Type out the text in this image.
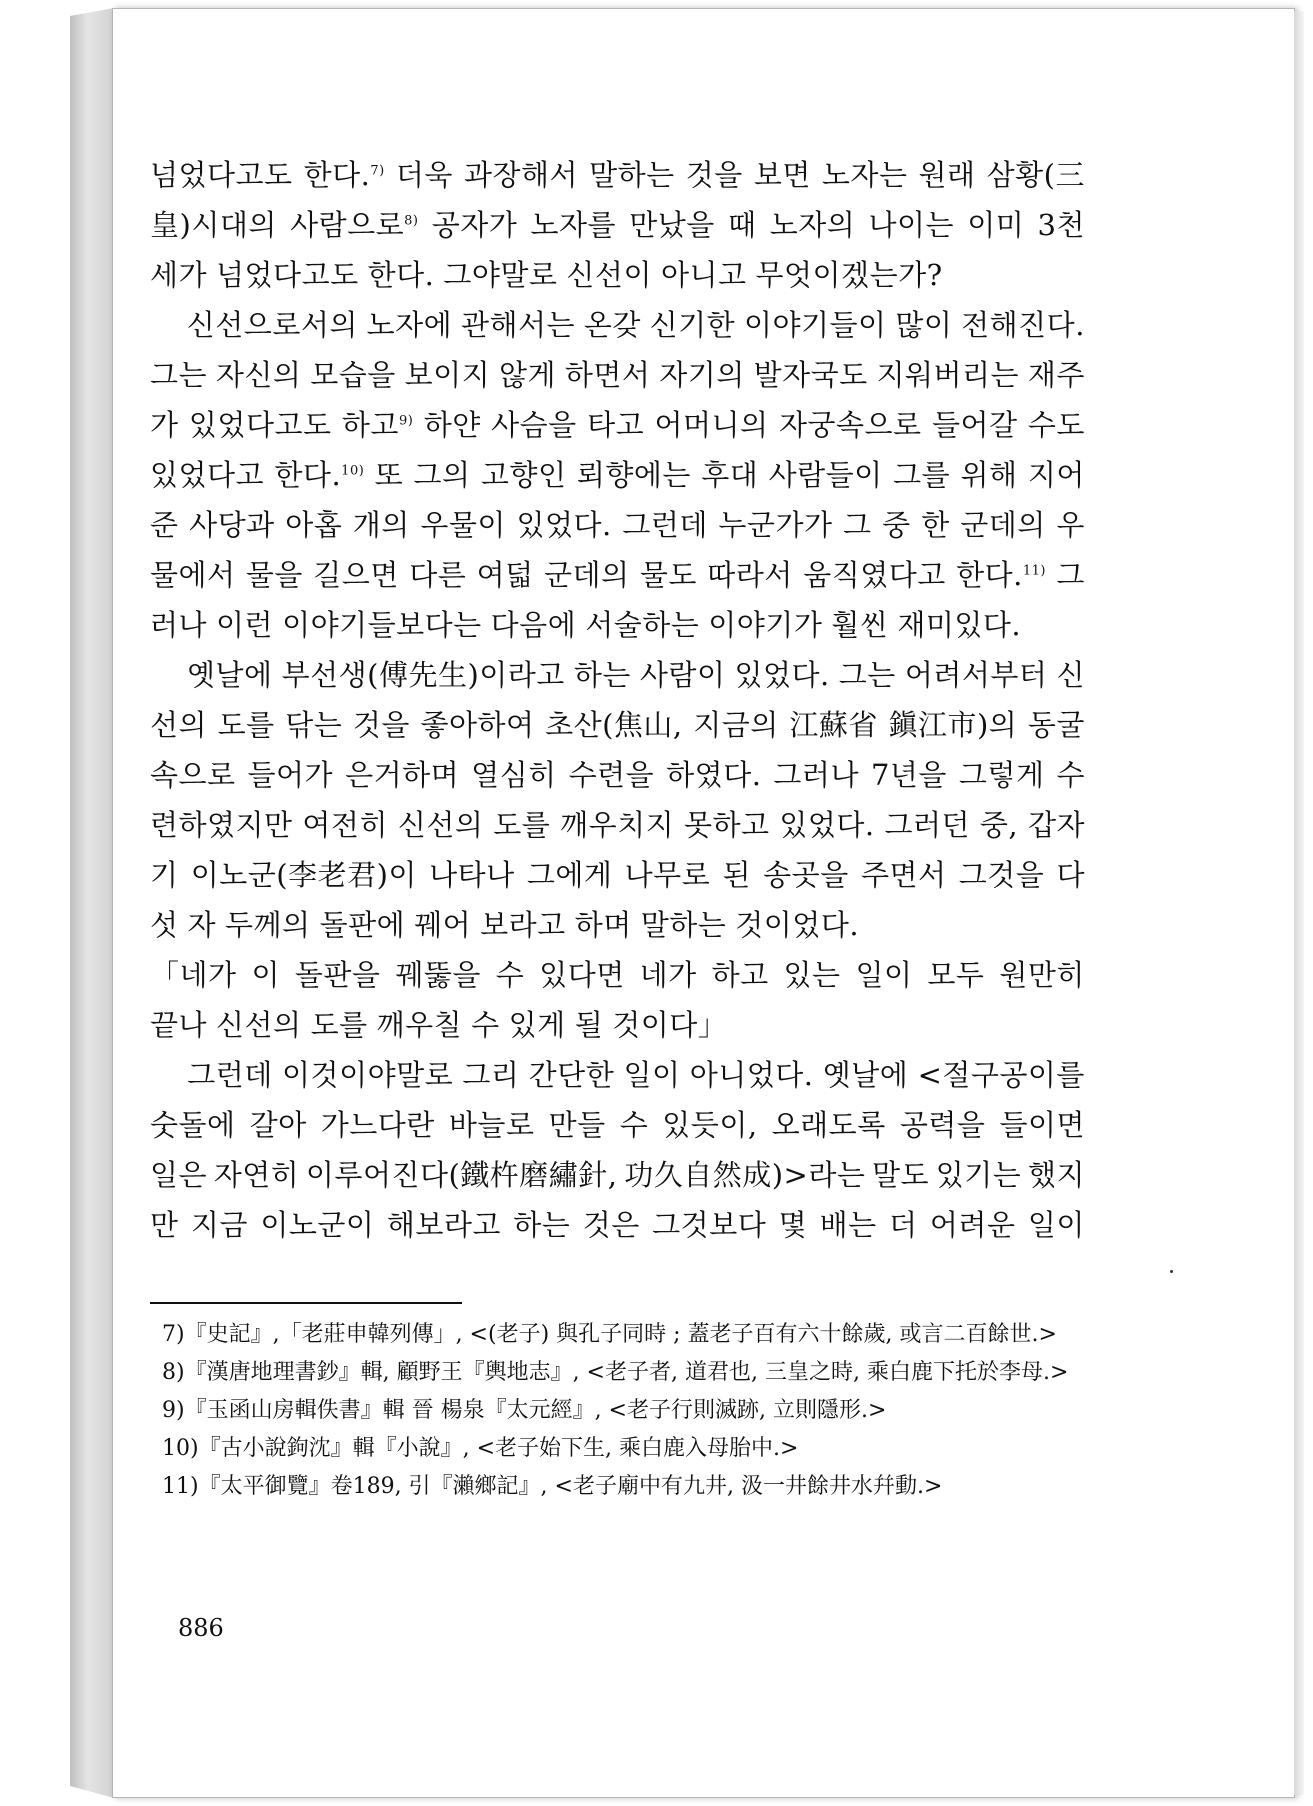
넘었다고도 한다.$^{7)}$ 더욱 과장해서 말하는 것을 보면 노자는 원래 삼황(三
皇)시대의 사람으로$^{8)}$ 공자가 노자를 만났을 때 노자의 나이는 이미 3천
세가 넘었다고도 한다. 그야말로 신선이 아니고 무엇이겠는가?
신선으로서의 노자에 관해서는 온갖 신기한 이야기들이 많이 전해진다.
그는 자신의 모습을 보이지 않게 하면서 자기의 발자국도 지워버리는 재주
가 있었다고도 하고$^{9)}$ 하얀 사슴을 타고 어머니의 자궁속으로 들어갈 수도
있었다고 한다.$^{10)}$ 또 그의 고향인 뢰향에는 후대 사람들이 그를 위해 지어
준 사당과 아홉 개의 우물이 있었다. 그런데 누군가가 그 중 한 군데의 우
물에서 물을 길으면 다른 여덟 군데의 물도 따라서 움직였다고 한다.$^{11)}$ 그
러나 이런 이야기들보다는 다음에 서술하는 이야기가 훨씬 재미있다.
옛날에 부선생(傅先生)이라고 하는 사람이 있었다. 그는 어려서부터 신
선의 도를 닦는 것을 좋아하여 초산(焦山, 지금의 江蘇省 鎭江市)의 동굴
속으로 들어가 은거하며 열심히 수련을 하였다. 그러나 7년을 그렇게 수
련하였지만 여전히 신선의 도를 깨우치지 못하고 있었다. 그러던 중, 갑자
기 이노군(李老君)이 나타나 그에게 나무로 된 송곳을 주면서 그것을 다
섯 자 두께의 돌판에 꿰어 보라고 하며 말하는 것이었다.
「네가 이 돌판을 꿰뚫을 수 있다면 네가 하고 있는 일이 모두 원만히
끝나 신선의 도를 깨우칠 수 있게 될 것이다」
그런데 이것이야말로 그리 간단한 일이 아니었다. 옛날에 <절구공이를
숫돌에 갈아 가느다란 바늘로 만들 수 있듯이, 오래도록 공력을 들이면
일은 자연히 이루어진다(鐵杵磨繡針, 功久自然成)>라는 말도 있기는 했지
만 지금 이노군이 해보라고 하는 것은 그것보다 몇 배는 더 어려운 일이
7)『史記』,「老莊申韓列傳」, <(老子) 與孔子同時 ; 蓋老子百有六十餘歲, 或言二百餘世.>
8)『漢唐地理書鈔』輯, 顧野王『輿地志』, <老子者, 道君也, 三皇之時, 乘白鹿下托於李母.>
9)『玉函山房輯佚書』輯 晉 楊泉『太元經』, <老子行則滅跡, 立則隱形.>
10)『古小說鉤沈』輯『小說』, <老子始下生, 乘白鹿入母胎中.>
11)『太平御覽』卷189, 引『瀨鄉記』, <老子廟中有九井, 汲一井餘井水幷動.>
886
